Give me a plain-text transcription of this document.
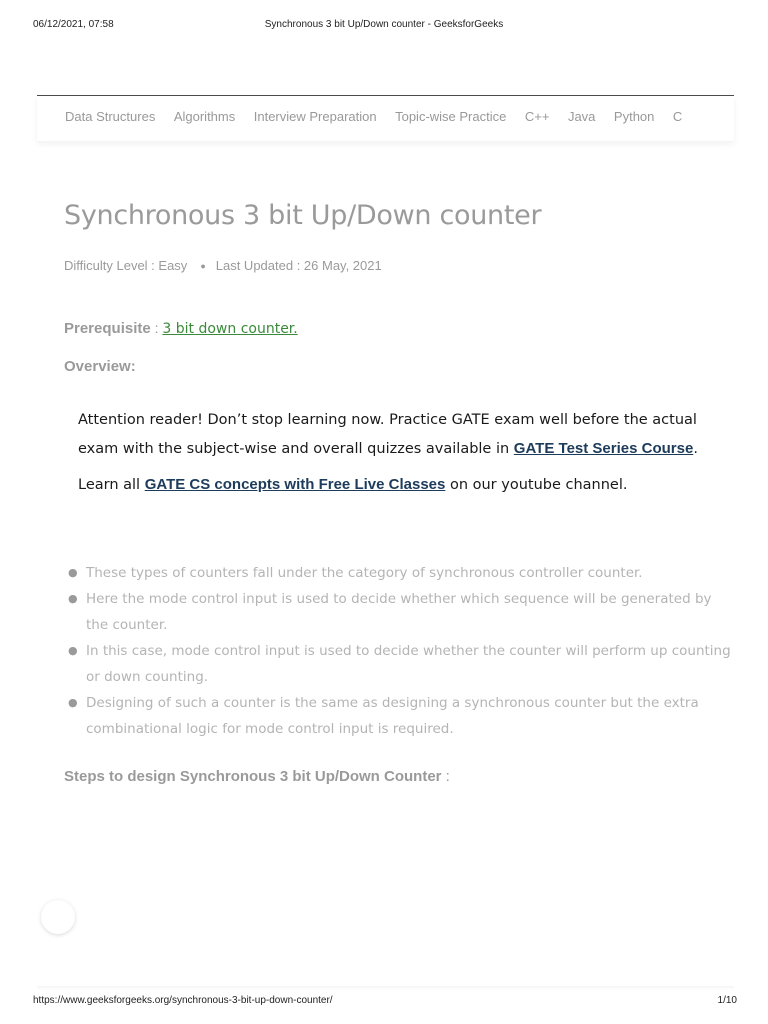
06/12/2021, 07:58	Synchronous 3 bit Up/Down counter - GeeksforGeeks
Data Structures Algorithms Interview Preparation Topic-wise Practice C++ Java Python C
Synchronous 3 bit Up/Down counter
Difficulty Level : Easy ● Last Updated : 26 May, 2021
Prerequisite : 3 bit down counter.
Overview:

Attention reader! Don’t stop learning now. Practice GATE exam well before the actual exam with the subject-wise and overall quizzes available in GATE Test Series Course.

Learn all GATE CS concepts with Free Live Classes on our youtube channel.

● These types of counters fall under the category of synchronous controller counter.
● Here the mode control input is used to decide whether which sequence will be generated by the counter.
● In this case, mode control input is used to decide whether the counter will perform up counting or down counting.
● Designing of such a counter is the same as designing a synchronous counter but the extra combinational logic for mode control input is required.
Steps to design Synchronous 3 bit Up/Down Counter :
https://www.geeksforgeeks.org/synchronous-3-bit-up-down-counter/	1/10
